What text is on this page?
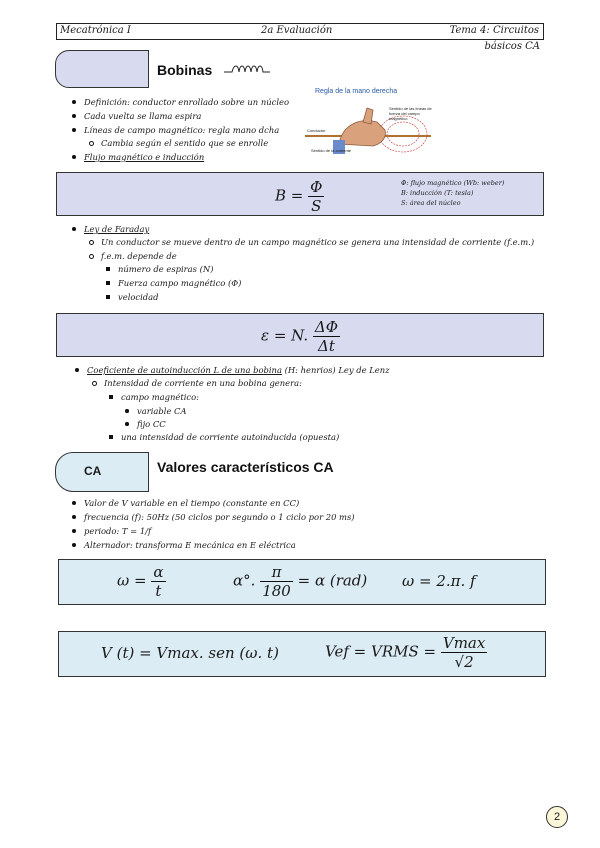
Mecatrónica I	2a Evaluación	Tema 4: Circuitos
básicos CA
Bobinas
Definición: conductor enrollado sobre un núcleo
Cada vuelta se llama espira
Líneas de campo magnético: regla mano dcha
Cambia según el sentido que se enrolle
Flujo magnético e inducción
Regla de la mano derecha
Sentido de las líneas de fuerza del campo magnético
Conductor
Sentido de la corriente
$B = \frac{\Phi}{S}$	Φ: flujo magnético (Wb: weber)
B: inducción (T: tesla)
S: área del núcleo
Ley de Faraday
Un conductor se mueve dentro de un campo magnético se genera una intensidad de corriente (f.e.m.)
f.e.m. depende de
número de espiras (N)
Fuerza campo magnético (Φ)
velocidad
ε = N. $\frac{\Delta\Phi}{\Delta t}$
Coeficiente de autoinducción L de una bobina (H: henrios) Ley de Lenz
Intensidad de corriente en una bobina genera:
campo magnético:
variable CA
fijo CC
una intensidad de corriente autoinducida (opuesta)
CA	Valores característicos CA
Valor de V variable en el tiempo (constante en CC)
frecuencia (f): 50Hz (50 ciclos por segundo o 1 ciclo por 20 ms)
periodo: T = 1/f
Alternador: transforma E mecánica en E eléctrica
$\omega = \frac{\alpha}{t}$	α°. $\frac{\pi}{180} = \alpha$ (rad) ω = 2.π. f
V (t) = Vmax. sen (ω. t)	Vef = VRMS = $\frac{Vmax}{√2}$
2
